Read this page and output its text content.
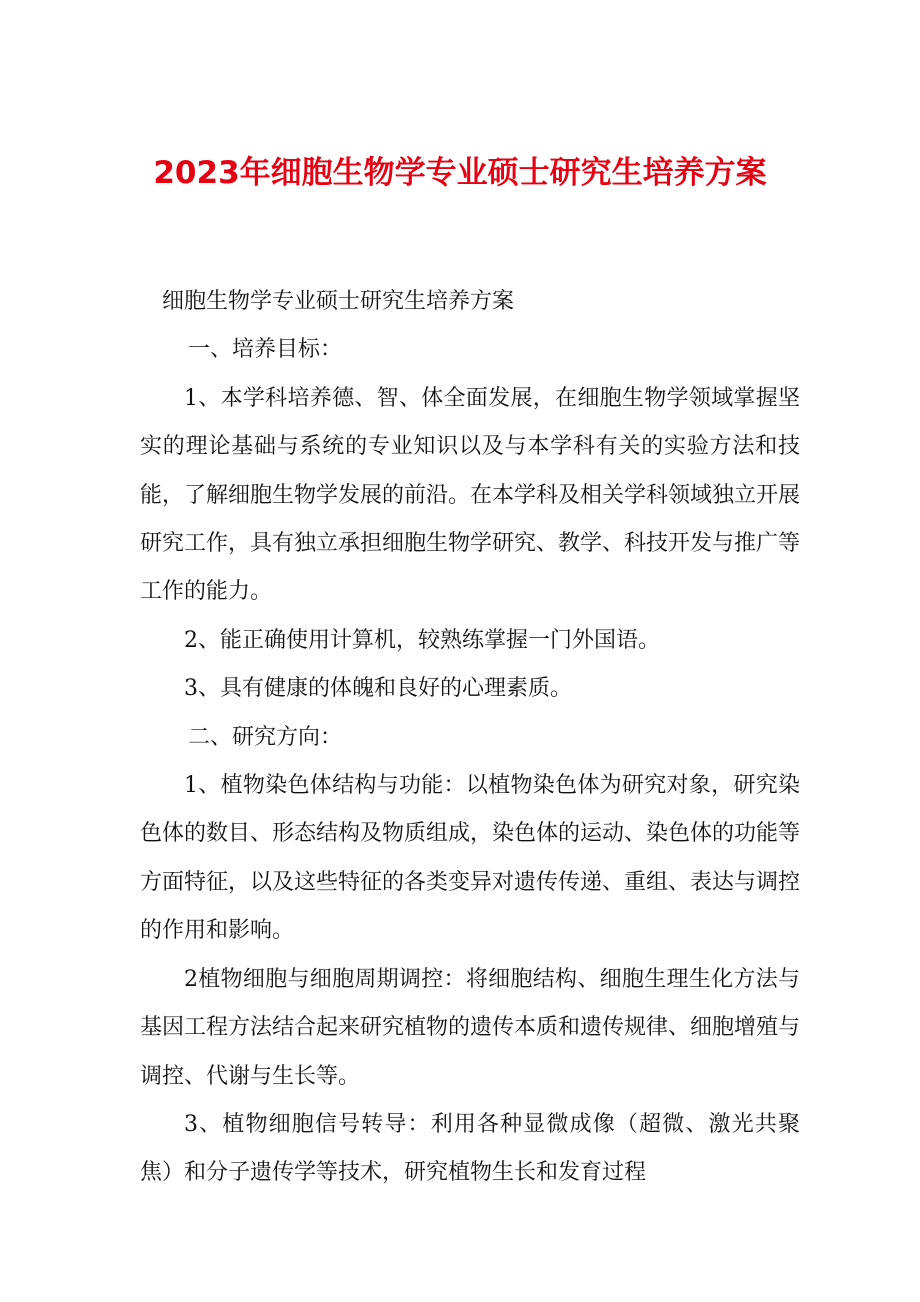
2023年细胞生物学专业硕士研究生培养方案

细胞生物学专业硕士研究生培养方案

一、培养目标：

1、本学科培养德、智、体全面发展，在细胞生物学领域掌握坚实的理论基础与系统的专业知识以及与本学科有关的实验方法和技能，了解细胞生物学发展的前沿。在本学科及相关学科领域独立开展研究工作，具有独立承担细胞生物学研究、教学、科技开发与推广等工作的能力。

2、能正确使用计算机，较熟练掌握一门外国语。

3、具有健康的体魄和良好的心理素质。

二、研究方向：

1、植物染色体结构与功能：以植物染色体为研究对象，研究染色体的数目、形态结构及物质组成，染色体的运动、染色体的功能等方面特征，以及这些特征的各类变异对遗传传递、重组、表达与调控的作用和影响。

2植物细胞与细胞周期调控：将细胞结构、细胞生理生化方法与基因工程方法结合起来研究植物的遗传本质和遗传规律、细胞增殖与调控、代谢与生长等。

3、植物细胞信号转导：利用各种显微成像（超微、激光共聚焦）和分子遗传学等技术，研究植物生长和发育过程
